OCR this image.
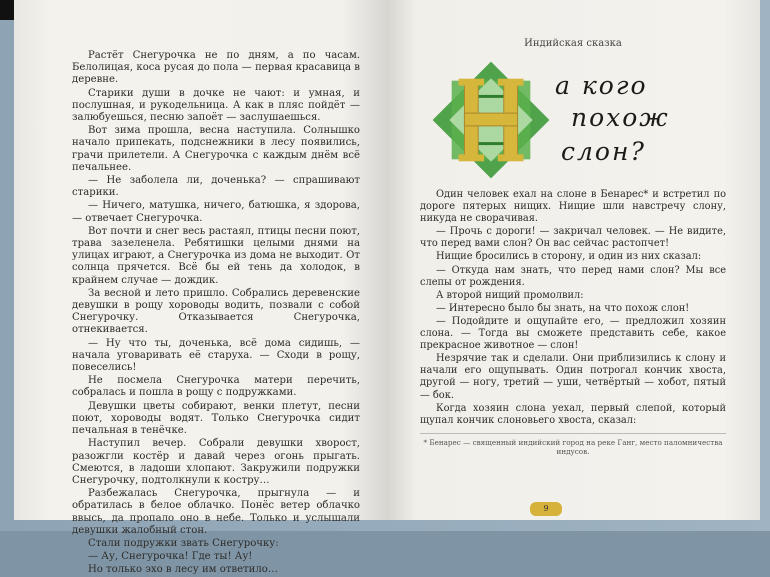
Растёт Снегурочка не по дням, а по часам. Белолицая, коса русая до пола — первая красавица в деревне.

Старики души в дочке не чают: и умная, и послушная, и рукодельница. А как в пляс пойдёт — залюбуешься, песню запоёт — заслушаешься.

Вот зима прошла, весна наступила. Солнышко начало припекать, подснежники в лесу появились, грачи прилетели. А Снегурочка с каждым днём всё печальнее.

— Не заболела ли, доченька? — спрашивают старики.

— Ничего, матушка, ничего, батюшка, я здорова, — отвечает Снегурочка.

Вот почти и снег весь растаял, птицы песни поют, трава зазеленела. Ребятишки целыми днями на улицах играют, а Снегурочка из дома не выходит. От солнца прячется. Всё бы ей тень да холодок, в крайнем случае — дождик.

За весной и лето пришло. Собрались деревенские девушки в рощу хороводы водить, позвали с собой Снегурочку. Отказывается Снегурочка, отнекивается.

— Ну что ты, доченька, всё дома сидишь, — начала уговаривать её старуха. — Сходи в рощу, повеселись!

Не посмела Снегурочка матери перечить, собралась и пошла в рощу с подружками.

Девушки цветы собирают, венки плетут, песни поют, хороводы водят. Только Снегурочка сидит печальная в тенёчке.

Наступил вечер. Собрали девушки хворост, разожгли костёр и давай через огонь прыгать. Смеются, в ладоши хлопают. Закружили подружки Снегурочку, подтолкнули к костру…

Разбежалась Снегурочка, прыгнула — и обратилась в белое облачко. Понёс ветер облачко ввысь, да пропало оно в небе. Только и услышали девушки жалобный стон.

Стали подружки звать Снегурочку:

— Ау, Снегурочка! Где ты! Ау!

Но только эхо в лесу им ответило…

Индийская сказка
а кого
похож
слон?

Один человек ехал на слоне в Бенарес* и встретил по дороге пятерых нищих. Нищие шли навстречу слону, никуда не сворачивая.

— Прочь с дороги! — закричал человек. — Не видите, что перед вами слон? Он вас сейчас растопчет!

Нищие бросились в сторону, и один из них сказал:

— Откуда нам знать, что перед нами слон? Мы все слепы от рождения.

А второй нищий промолвил:

— Интересно было бы знать, на что похож слон!

— Подойдите и ощупайте его, — предложил хозяин слона. — Тогда вы сможете представить себе, какое прекрасное животное — слон!

Незрячие так и сделали. Они приблизились к слону и начали его ощупывать. Один потрогал кончик хвоста, другой — ногу, третий — уши, четвёртый — хобот, пятый — бок.

Когда хозяин слона уехал, первый слепой, который щупал кончик слоновьего хвоста, сказал:

* Бенарес — священный индийский город на реке Ганг, место паломничества индусов.
9
